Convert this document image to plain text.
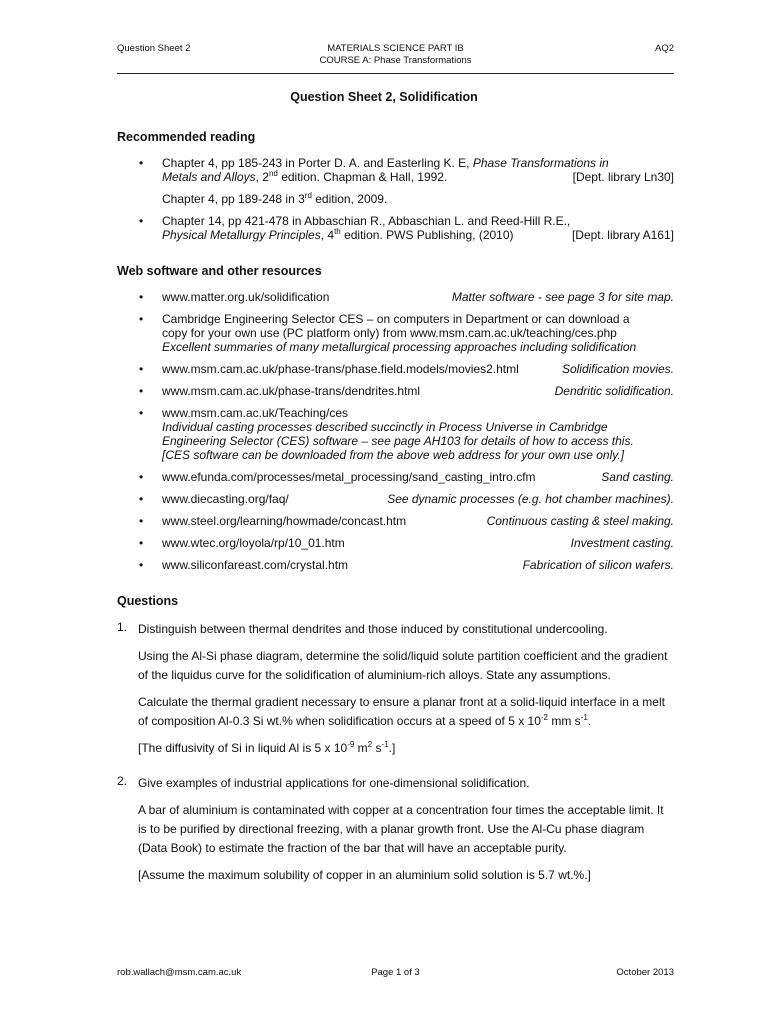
Question Sheet 2	MATERIALS SCIENCE PART IB
COURSE A: Phase Transformations
AQ2
Question Sheet 2, Solidification
Recommended reading
• Chapter 4, pp 185-243 in Porter D. A. and Easterling K. E, Phase Transformations in
Metals and Alloys, 2nd edition. Chapman & Hall, 1992.	[Dept. library Ln30]
Chapter 4, pp 189-248 in 3rd edition, 2009.
• Chapter 14, pp 421-478 in Abbaschian R., Abbaschian L. and Reed-Hill R.E.,
Physical Metallurgy Principles, 4th edition. PWS Publishing, (2010)	[Dept. library A161]
Web software and other resources
• www.matter.org.uk/solidification	Matter software - see page 3 for site map.
• Cambridge Engineering Selector CES – on computers in Department or can download a
copy for your own use (PC platform only) from www.msm.cam.ac.uk/teaching/ces.php
Excellent summaries of many metallurgical processing approaches including solidification
• www.msm.cam.ac.uk/phase-trans/phase.field.models/movies2.html	Solidification movies.
• www.msm.cam.ac.uk/phase-trans/dendrites.html	Dendritic solidification.
• www.msm.cam.ac.uk/Teaching/ces
Individual casting processes described succinctly in Process Universe in Cambridge
Engineering Selector (CES) software – see page AH103 for details of how to access this.
[CES software can be downloaded from the above web address for your own use only.]
• www.efunda.com/processes/metal_processing/sand_casting_intro.cfm	Sand casting.
• www.diecasting.org/faq/	See dynamic processes (e.g. hot chamber machines).
• www.steel.org/learning/howmade/concast.htm	Continuous casting & steel making.
• www.wtec.org/loyola/rp/10_01.htm	Investment casting.
• www.siliconfareast.com/crystal.htm	Fabrication of silicon wafers.
Questions
1. Distinguish between thermal dendrites and those induced by constitutional undercooling.

Using the Al-Si phase diagram, determine the solid/liquid solute partition coefficient and the gradient of the liquidus curve for the solidification of aluminium-rich alloys. State any assumptions.

Calculate the thermal gradient necessary to ensure a planar front at a solid-liquid interface in a melt of composition Al-0.3 Si wt.% when solidification occurs at a speed of 5 x $10^{-2}$ mm $s^{-1}$.

[The diffusivity of Si in liquid Al is 5 x $10^{-9}$ $m^2$ $s^{-1}$.]

2. Give examples of industrial applications for one-dimensional solidification.

A bar of aluminium is contaminated with copper at a concentration four times the acceptable limit. It is to be purified by directional freezing, with a planar growth front. Use the Al-Cu phase diagram (Data Book) to estimate the fraction of the bar that will have an acceptable purity.

[Assume the maximum solubility of copper in an aluminium solid solution is 5.7 wt.%.]

rob.wallach@msm.cam.ac.uk	Page 1 of 3	October 2013
